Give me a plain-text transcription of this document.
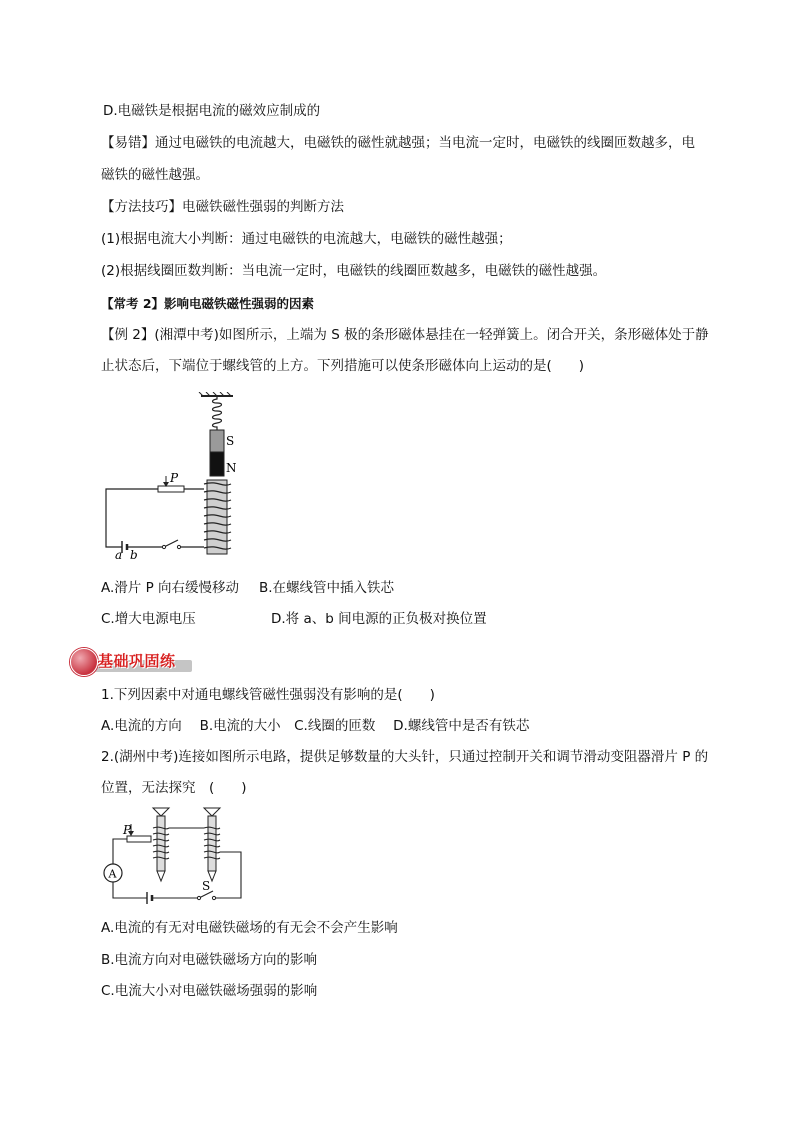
D.电磁铁是根据电流的磁效应制成的
【易错】通过电磁铁的电流越大，电磁铁的磁性就越强；当电流一定时，电磁铁的线圈匝数越多，电
磁铁的磁性越强。
【方法技巧】电磁铁磁性强弱的判断方法
(1)根据电流大小判断：通过电磁铁的电流越大，电磁铁的磁性越强；
(2)根据线圈匝数判断：当电流一定时，电磁铁的线圈匝数越多，电磁铁的磁性越强。
【常考 2】影响电磁铁磁性强弱的因素
【例 2】(湘潭中考)如图所示，上端为 S 极的条形磁体悬挂在一轻弹簧上。闭合开关，条形磁体处于静
止状态后，下端位于螺线管的上方。下列措施可以使条形磁体向上运动的是(　　)
S
N
P
a b
A.滑片 P 向右缓慢移动 B.在螺线管中插入铁芯
C.增大电源电压	D.将 a、b 间电源的正负极对换位置
基础巩固练
1.下列因素中对通电螺线管磁性强弱没有影响的是(　　)
A.电流的方向　 B.电流的大小　C.线圈的匝数　 D.螺线管中是否有铁芯
2.(湖州中考)连接如图所示电路，提供足够数量的大头针，只通过控制开关和调节滑动变阻器滑片 P 的
位置，无法探究　(　　)
P
A
S
A.电流的有无对电磁铁磁场的有无会不会产生影响
B.电流方向对电磁铁磁场方向的影响
C.电流大小对电磁铁磁场强弱的影响
